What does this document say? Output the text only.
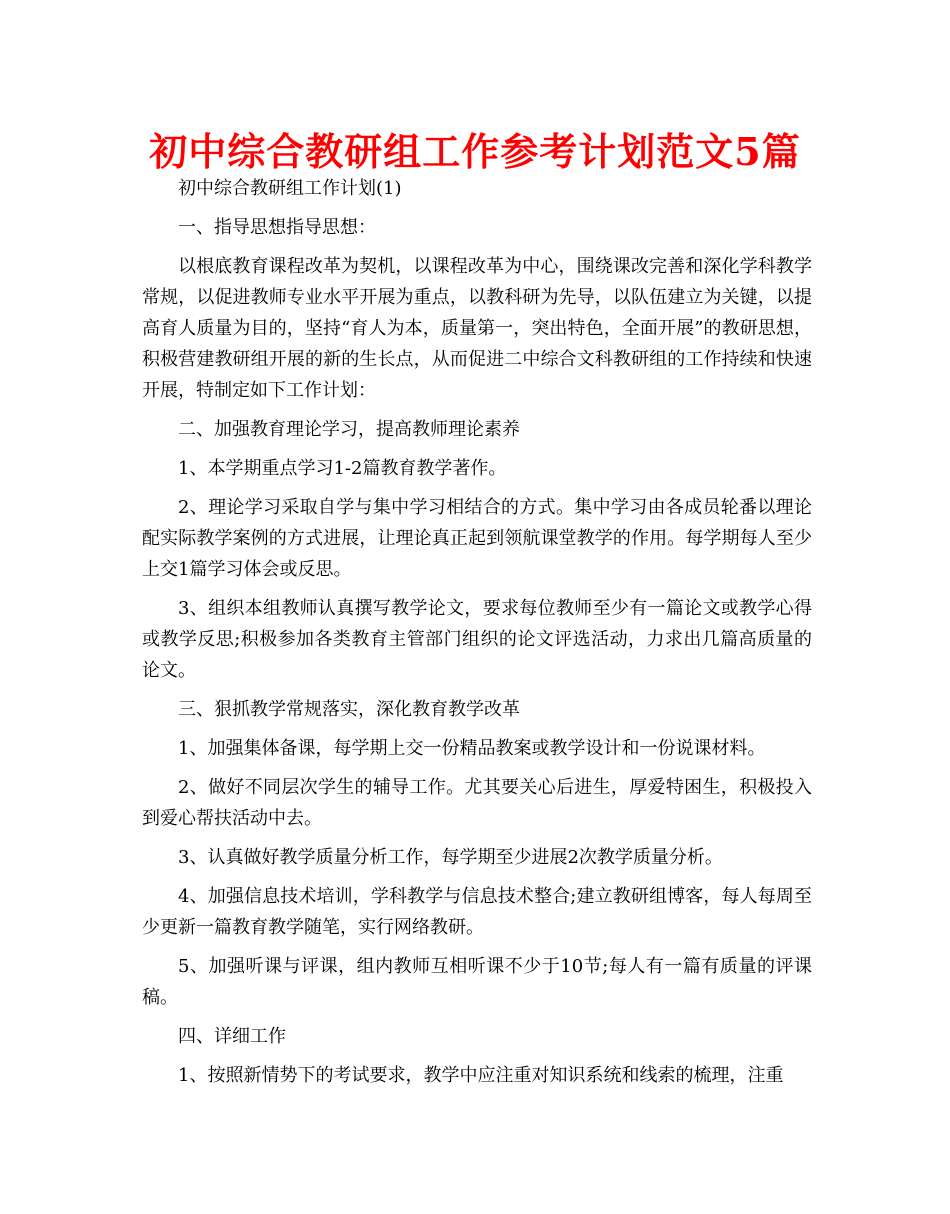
初中综合教研组工作参考计划范文5篇

初中综合教研组工作计划(1)

一、指导思想指导思想：

以根底教育课程改革为契机，以课程改革为中心，围绕课改完善和深化学科教学常规，以促进教师专业水平开展为重点，以教科研为先导，以队伍建立为关键，以提高育人质量为目的，坚持“育人为本，质量第一，突出特色，全面开展”的教研思想，积极营建教研组开展的新的生长点，从而促进二中综合文科教研组的工作持续和快速开展，特制定如下工作计划：

二、加强教育理论学习，提高教师理论素养

1、本学期重点学习1-2篇教育教学著作。

2、理论学习采取自学与集中学习相结合的方式。集中学习由各成员轮番以理论配实际教学案例的方式进展，让理论真正起到领航课堂教学的作用。每学期每人至少上交1篇学习体会或反思。

3、组织本组教师认真撰写教学论文，要求每位教师至少有一篇论文或教学心得或教学反思;积极参加各类教育主管部门组织的论文评选活动，力求出几篇高质量的论文。

三、狠抓教学常规落实，深化教育教学改革

1、加强集体备课，每学期上交一份精品教案或教学设计和一份说课材料。

2、做好不同层次学生的辅导工作。尤其要关心后进生，厚爱特困生，积极投入到爱心帮扶活动中去。

3、认真做好教学质量分析工作，每学期至少进展2次教学质量分析。

4、加强信息技术培训，学科教学与信息技术整合;建立教研组博客，每人每周至少更新一篇教育教学随笔，实行网络教研。

5、加强听课与评课，组内教师互相听课不少于10节;每人有一篇有质量的评课稿。

四、详细工作

1、按照新情势下的考试要求，教学中应注重对知识系统和线索的梳理，注重
